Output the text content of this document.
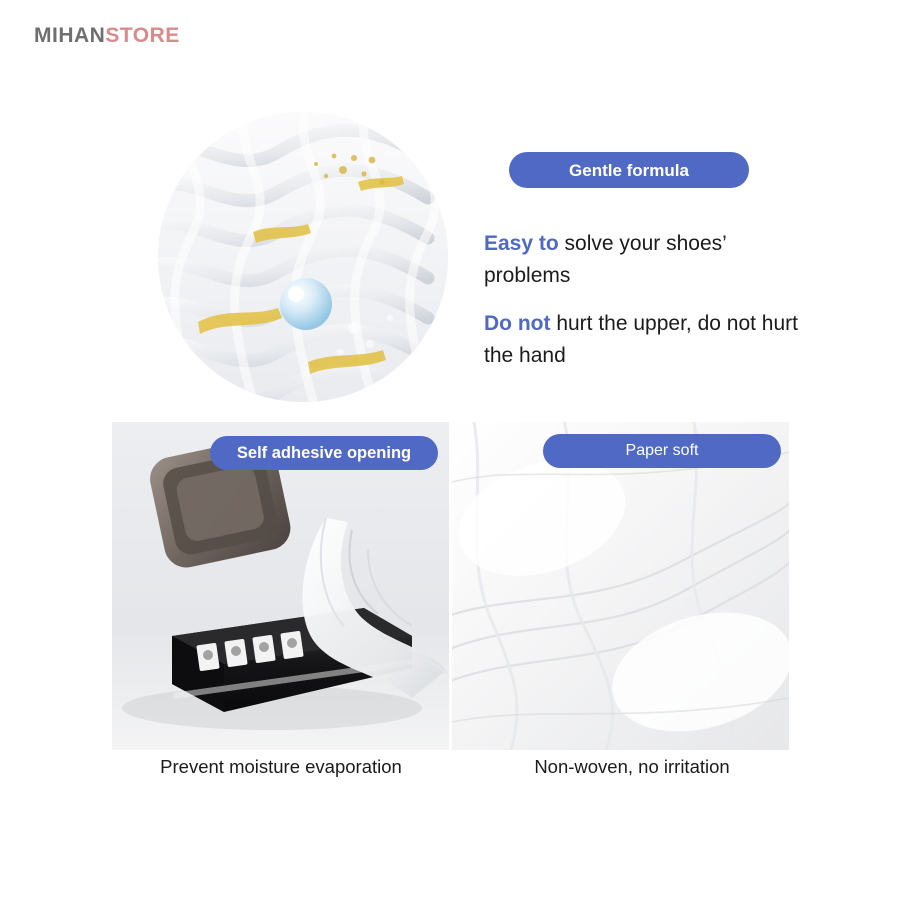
MIHANSTORE
Gentle formula
Easy to solve your shoes’ problems
Do not hurt the upper, do not hurt the hand
Self adhesive opening	Paper soft
Prevent moisture evaporation	Non-woven, no irritation
